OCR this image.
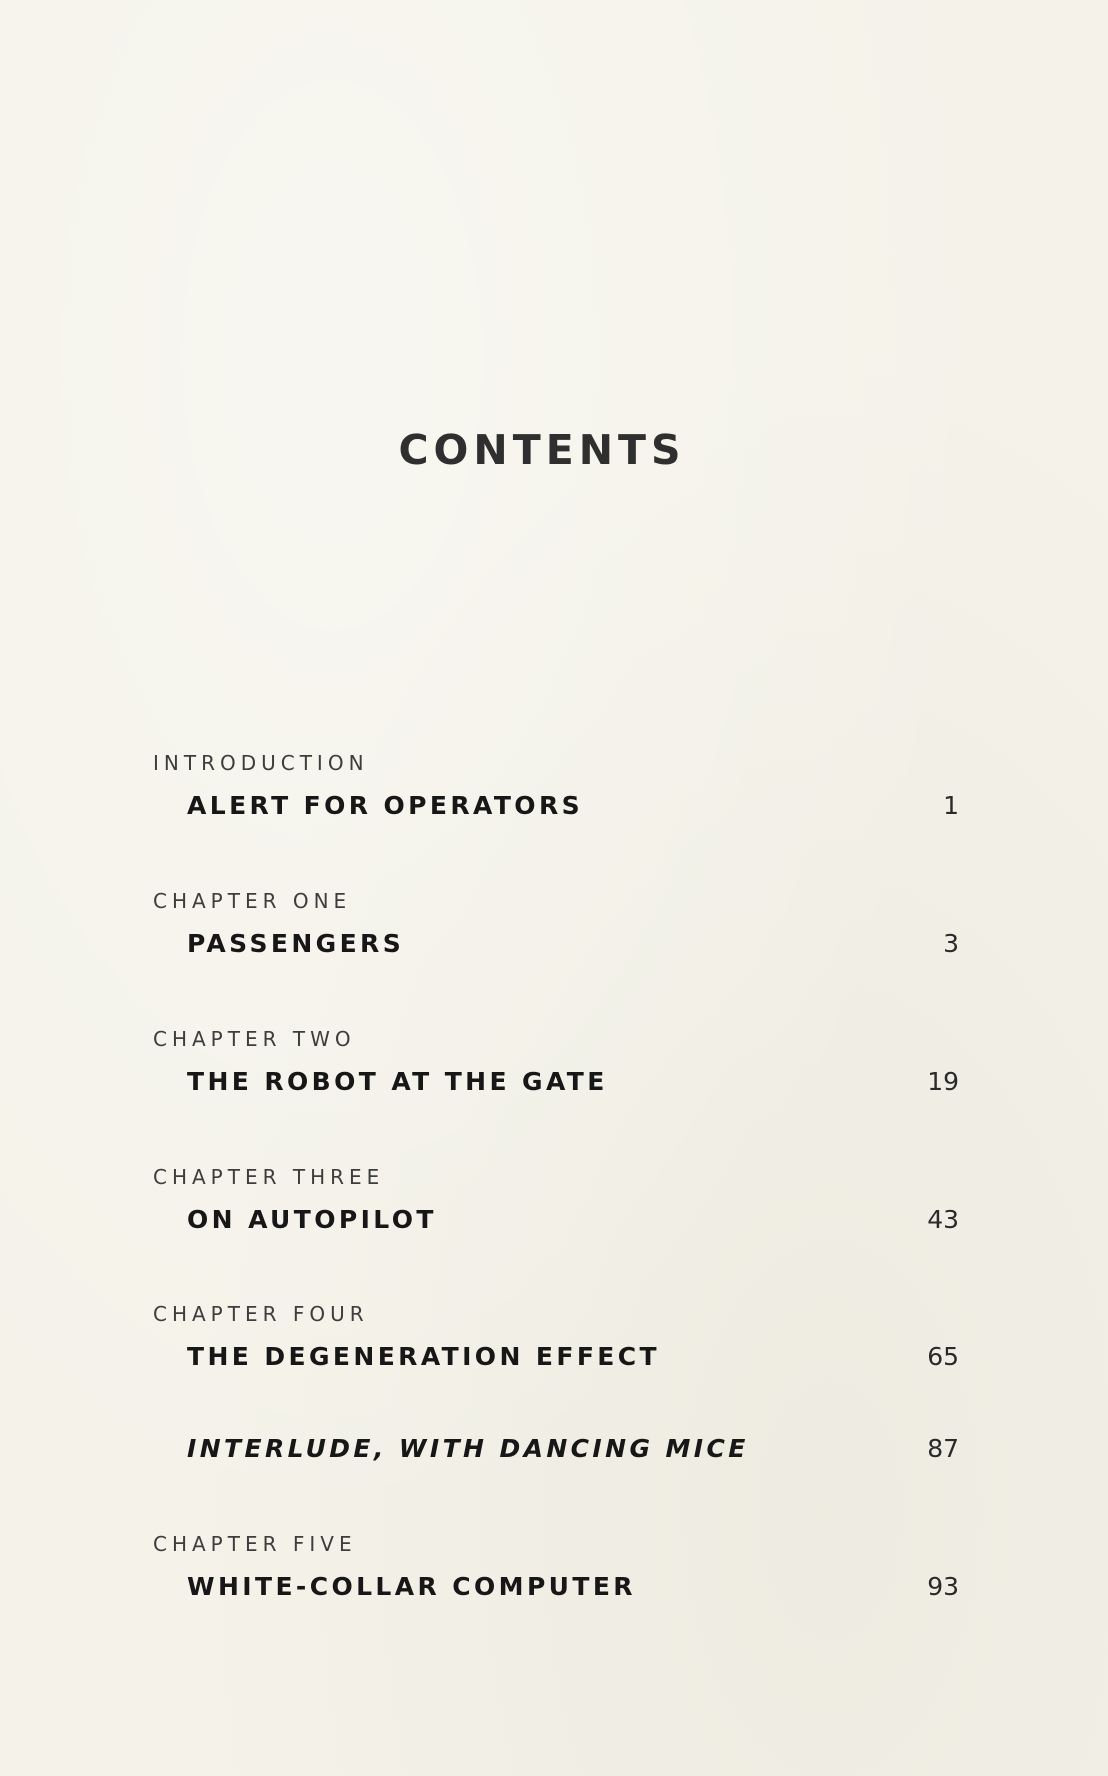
CONTENTS
INTRODUCTION
ALERT FOR OPERATORS	1
CHAPTER ONE
PASSENGERS	3
CHAPTER TWO
THE ROBOT AT THE GATE	19
CHAPTER THREE
ON AUTOPILOT	43
CHAPTER FOUR
THE DEGENERATION EFFECT	65
INTERLUDE, WITH DANCING MICE	87
CHAPTER FIVE
WHITE-COLLAR COMPUTER	93
